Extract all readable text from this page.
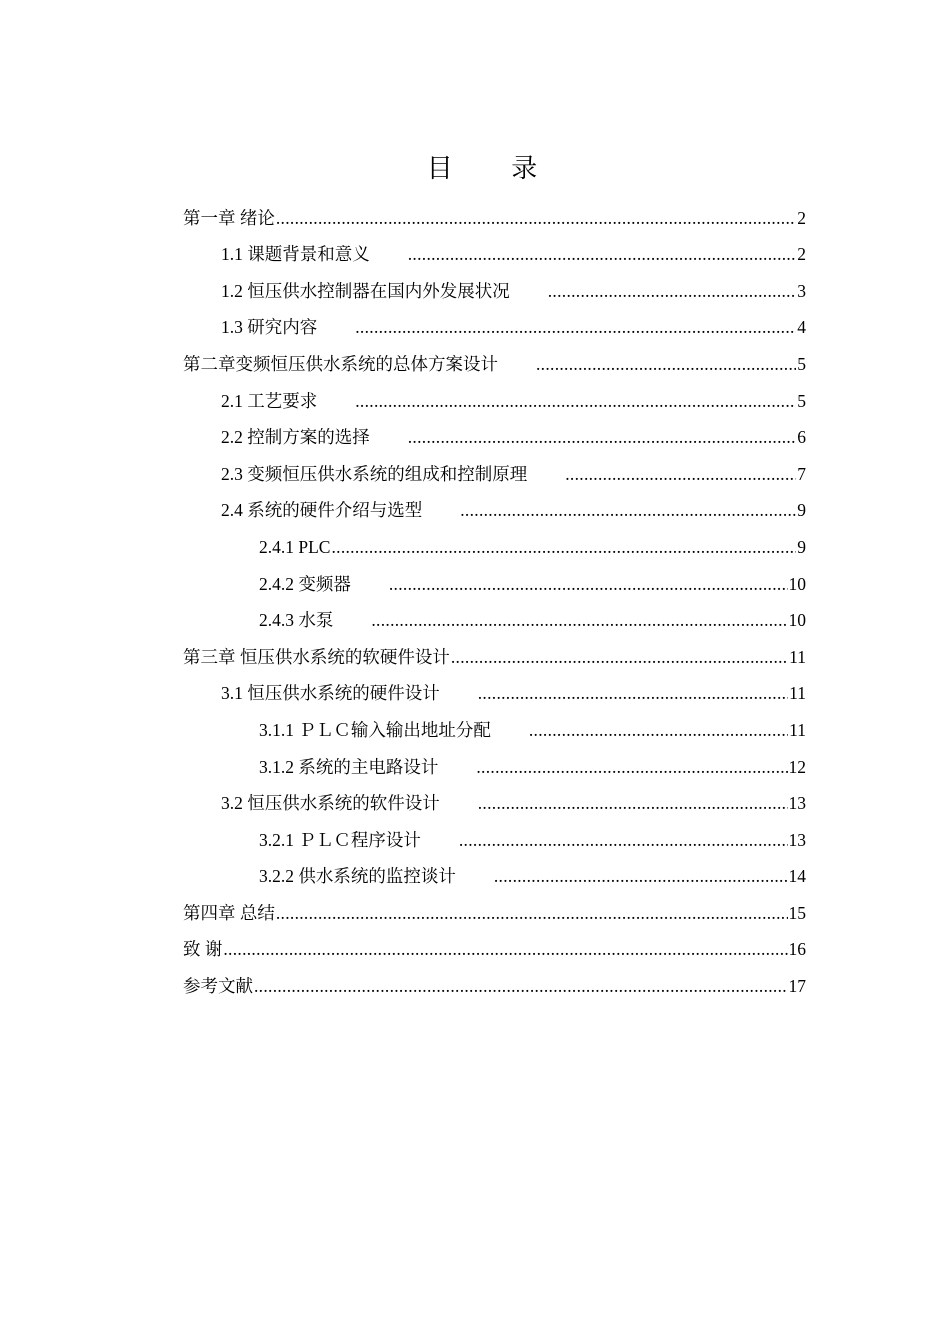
目 录
第一章 绪论 .....	2
1.1 课题背景和意义 .....	2
1.2 恒压供水控制器在国内外发展状况 .....	3
1.3 研究内容 .....	4
第二章变频恒压供水系统的总体方案设计 .....	5
2.1 工艺要求 .....	5
2.2 控制方案的选择 .....	6
2.3 变频恒压供水系统的组成和控制原理 .....	7
2.4 系统的硬件介绍与选型 .....	9
2.4.1 PLC .....	9
2.4.2 变频器 .....	10
2.4.3 水泵 .....	10
第三章 恒压供水系统的软硬件设计 .....	11
3.1 恒压供水系统的硬件设计 .....	11
3.1.1 ＰＬＣ输入输出地址分配 .....	11
3.1.2 系统的主电路设计 .....	12
3.2 恒压供水系统的软件设计 .....	13
3.2.1 ＰＬＣ程序设计 .....	13
3.2.2 供水系统的监控谈计 .....	14
第四章 总结 .....	15
致 谢 .....	16
参考文献 .....	17
